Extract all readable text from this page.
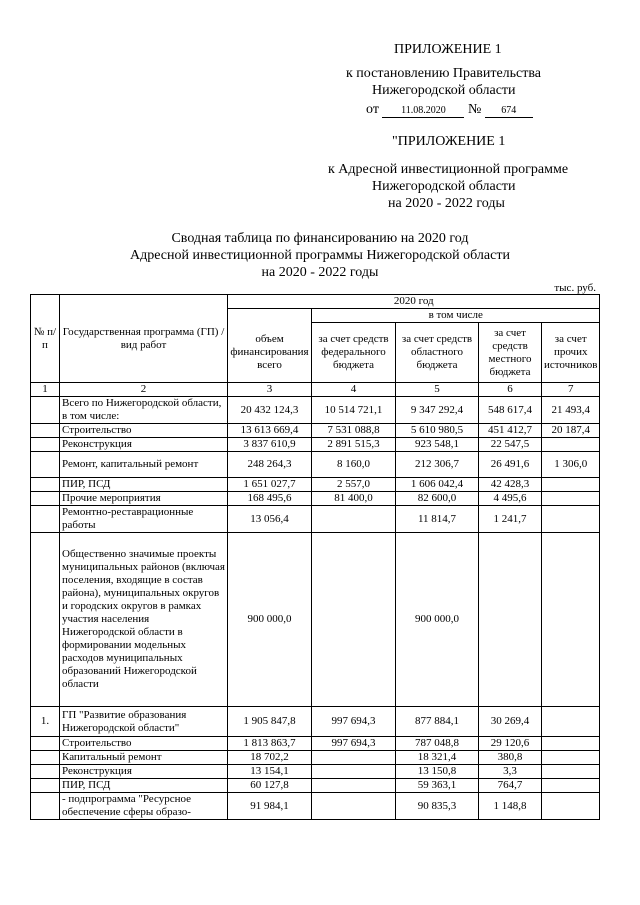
ПРИЛОЖЕНИЕ 1
к постановлению Правительства
Нижегородской области
от 11.08.2020 № 674
"ПРИЛОЖЕНИЕ 1
к Адресной инвестиционной программе
Нижегородской области
на 2020 - 2022 годы
Сводная таблица по финансированию на 2020 год
Адресной инвестиционной программы Нижегородской области
на 2020 - 2022 годы
тыс. руб.
№ п/п	Государственная программа (ГП) / вид работ	2020 год				
			в том числе			
		объем финансирования всего	за счет средств федерального бюджета	за счет средств областного бюджета	за счет средств местного бюджета	за счет прочих источников
1	2	3	4	5	6	7
	Всего по Нижегородской области, в том числе:	20 432 124,3	10 514 721,1	9 347 292,4	548 617,4	21 493,4
	Строительство	13 613 669,4	7 531 088,8	5 610 980,5	451 412,7	20 187,4
	Реконструкция	3 837 610,9	2 891 515,3	923 548,1	22 547,5	
	Ремонт, капитальный ремонт	248 264,3	8 160,0	212 306,7	26 491,6	1 306,0
	ПИР, ПСД	1 651 027,7	2 557,0	1 606 042,4	42 428,3	
	Прочие мероприятия	168 495,6	81 400,0	82 600,0	4 495,6	
	Ремонтно-реставрационные работы	13 056,4		11 814,7	1 241,7	
	Общественно значимые проекты муниципальных районов (включая поселения, входящие в состав района), муниципальных округов и городских округов в рамках участия населения Нижегородской области в формировании модельных расходов муниципальных образований Нижегородской области	900 000,0		900 000,0		
1.	ГП "Развитие образования Нижегородской области"	1 905 847,8	997 694,3	877 884,1	30 269,4	
	Строительство	1 813 863,7	997 694,3	787 048,8	29 120,6	
	Капитальный ремонт	18 702,2		18 321,4	380,8	
	Реконструкция	13 154,1		13 150,8	3,3	
	ПИР, ПСД	60 127,8		59 363,1	764,7	
	- подпрограмма "Ресурсное обеспечение сферы образо-	91 984,1		90 835,3	1 148,8	
